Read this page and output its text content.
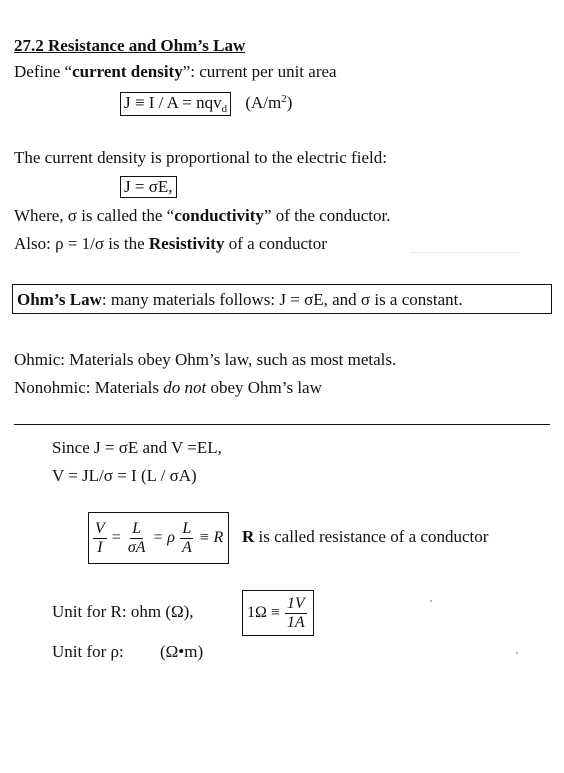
27.2 Resistance and Ohm’s Law
Define “current density”: current per unit area
J ≡ I / A = nqv$_d$ $(A/m^2)$
The current density is proportional to the electric field:
J = σE,
Where, σ is called the “conductivity” of the conductor.
Also: ρ = 1/σ is the Resistivity of a conductor
Ohm’s Law: many materials follows: J = σE, and σ is a constant.
Ohmic: Materials obey Ohm’s law, such as most metals.
Nonohmic: Materials do not obey Ohm’s law
Since J = σE and V =EL,
V = JL/σ = I (L / σA)
$\frac{V}{I} = \frac{L}{\sigma A} = \rho \frac{L}{A} \equiv R$ R is called resistance of a conductor
Unit for R: ohm (Ω),	$1\Omega \equiv \frac{1V}{1A}$
Unit for ρ: (Ω•m)
